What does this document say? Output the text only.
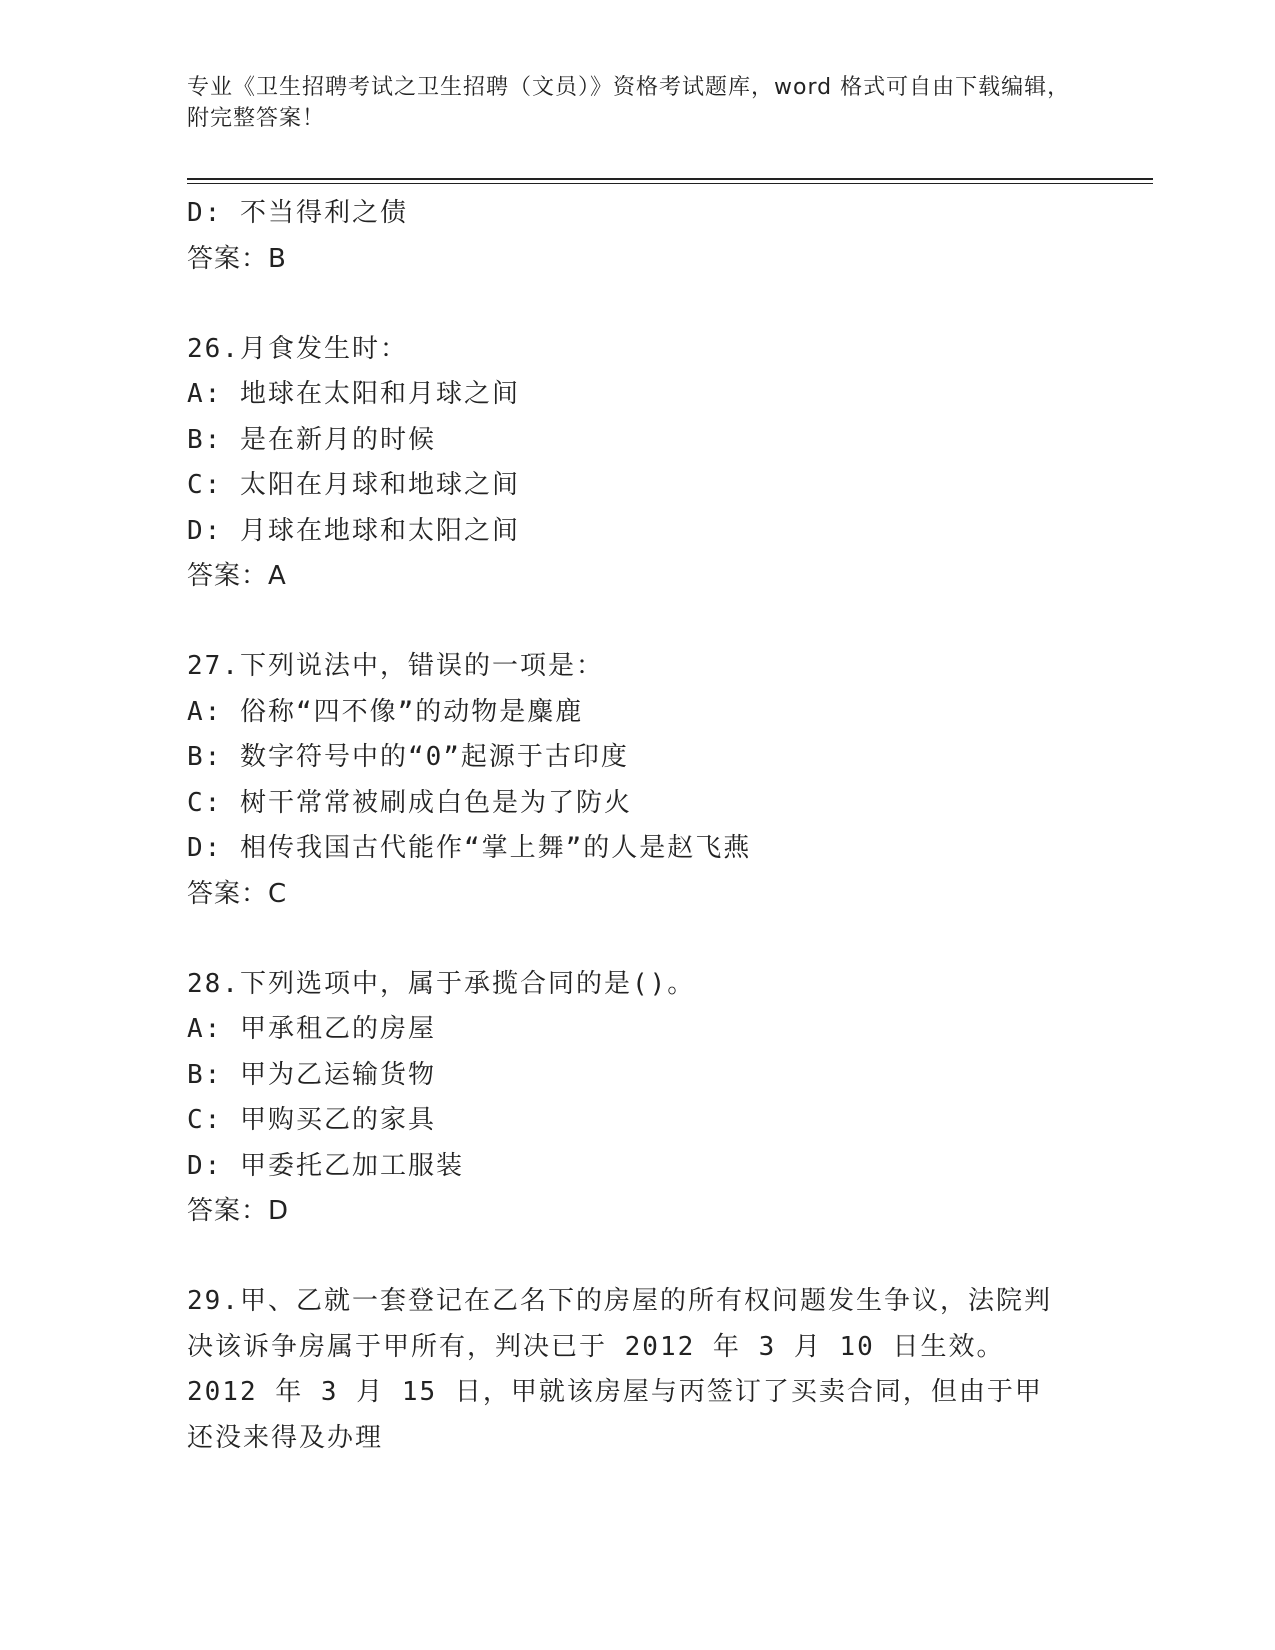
专业《卫生招聘考试之卫生招聘（文员）》资格考试题库，word 格式可自由下载编辑，附完整答案！
D: 不当得利之债
答案：B
26.月食发生时：
A: 地球在太阳和月球之间
B: 是在新月的时候
C: 太阳在月球和地球之间
D: 月球在地球和太阳之间
答案：A
27.下列说法中，错误的一项是：
A: 俗称“四不像”的动物是麋鹿
B: 数字符号中的“0”起源于古印度
C: 树干常常被刷成白色是为了防火
D: 相传我国古代能作“掌上舞”的人是赵飞燕
答案：C
28.下列选项中，属于承揽合同的是()。
A: 甲承租乙的房屋
B: 甲为乙运输货物
C: 甲购买乙的家具
D: 甲委托乙加工服装
答案：D
29.甲、乙就一套登记在乙名下的房屋的所有权问题发生争议，法院判决该诉争房属于甲所有，判决已于 2012 年 3 月 10 日生效。2012 年 3 月 15 日，甲就该房屋与丙签订了买卖合同，但由于甲还没来得及办理
